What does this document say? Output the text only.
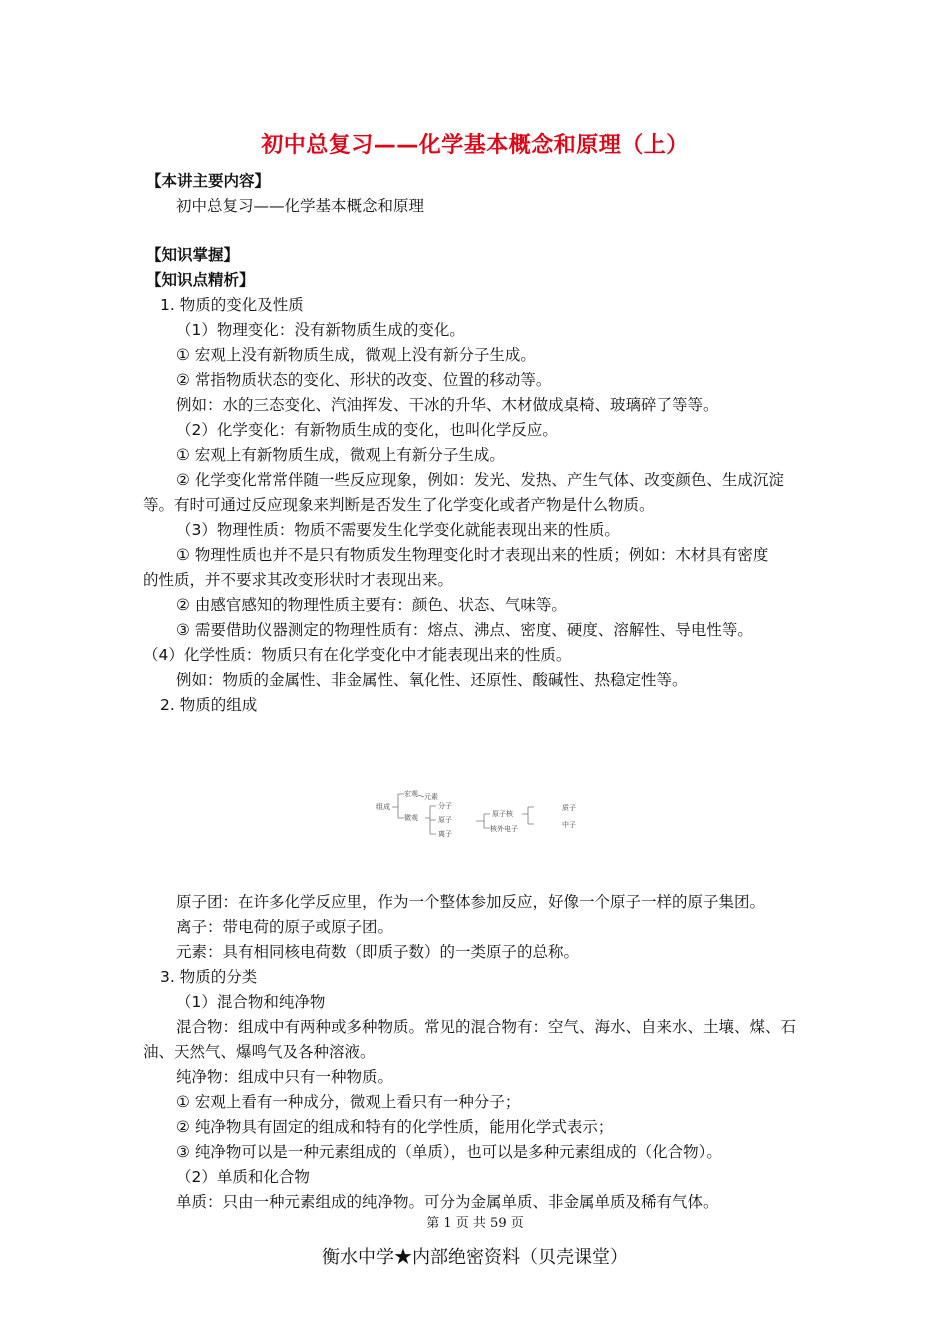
初中总复习——化学基本概念和原理（上）
【本讲主要内容】
初中总复习——化学基本概念和原理
【知识掌握】
【知识点精析】
1. 物质的变化及性质
（1）物理变化：没有新物质生成的变化。
① 宏观上没有新物质生成，微观上没有新分子生成。
② 常指物质状态的变化、形状的改变、位置的移动等。
例如：水的三态变化、汽油挥发、干冰的升华、木材做成桌椅、玻璃碎了等等。
（2）化学变化：有新物质生成的变化，也叫化学反应。
① 宏观上有新物质生成，微观上有新分子生成。
② 化学变化常常伴随一些反应现象，例如：发光、发热、产生气体、改变颜色、生成沉淀
等。有时可通过反应现象来判断是否发生了化学变化或者产物是什么物质。
（3）物理性质：物质不需要发生化学变化就能表现出来的性质。
① 物理性质也并不是只有物质发生物理变化时才表现出来的性质；例如：木材具有密度
的性质，并不要求其改变形状时才表现出来。
② 由感官感知的物理性质主要有：颜色、状态、气味等。
③ 需要借助仪器测定的物理性质有：熔点、沸点、密度、硬度、溶解性、导电性等。
（4）化学性质：物质只有在化学变化中才能表现出来的性质。
例如：物质的金属性、非金属性、氧化性、还原性、酸碱性、热稳定性等。
2. 物质的组成
组成
宏观 元素
微观
分子
原子
离子
原子核
核外电子
质子
中子
原子团：在许多化学反应里，作为一个整体参加反应，好像一个原子一样的原子集团。
离子：带电荷的原子或原子团。
元素：具有相同核电荷数（即质子数）的一类原子的总称。
3. 物质的分类
（1）混合物和纯净物
混合物：组成中有两种或多种物质。常见的混合物有：空气、海水、自来水、土壤、煤、石
油、天然气、爆鸣气及各种溶液。
纯净物：组成中只有一种物质。
① 宏观上看有一种成分，微观上看只有一种分子；
② 纯净物具有固定的组成和特有的化学性质，能用化学式表示；
③ 纯净物可以是一种元素组成的（单质），也可以是多种元素组成的（化合物）。
（2）单质和化合物
单质：只由一种元素组成的纯净物。可分为金属单质、非金属单质及稀有气体。
第 1 页 共 59 页
衡水中学★内部绝密资料（贝壳课堂）
